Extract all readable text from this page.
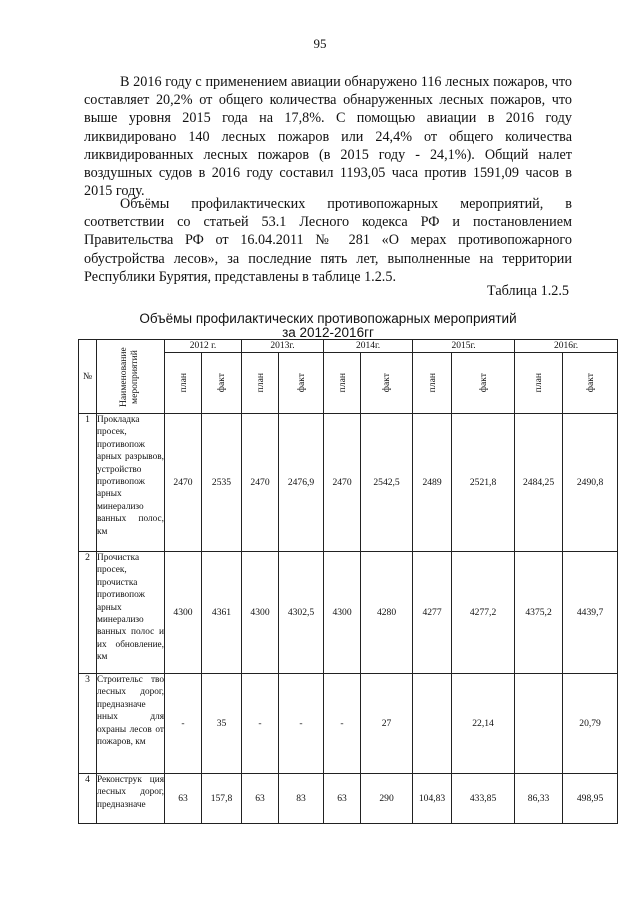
95

В 2016 году с применением авиации обнаружено 116 лесных пожаров, что составляет 20,2% от общего количества обнаруженных лесных пожаров, что выше уровня 2015 года на 17,8%. С помощью авиации в 2016 году ликвидировано 140 лесных пожаров или 24,4% от общего количества ликвидированных лесных пожаров (в 2015 году - 24,1%). Общий налет воздушных судов в 2016 году составил 1193,05 часа против 1591,09 часов в 2015 году.

Объёмы профилактических противопожарных мероприятий, в соответствии со статьей 53.1 Лесного кодекса РФ и постановлением Правительства РФ от 16.04.2011 № 281 «О мерах противопожарного обустройства лесов», за последние пять лет, выполненные на территории Республики Бурятия, представлены в таблице 1.2.5.

Таблица 1.2.5
Объёмы профилактических противопожарных мероприятий
за 2012-2016гг
№	Наименование мероприятий	2012 г.		2013г.		2014г.		2015г.		2016г.	

		план	факт	план	факт	план	факт	план	факт	план	факт

1	Прокладка просек, противопож арных разрывов, устройство противопож арных минерализо ванных полос, км	2470	2535	2470	2476,9	2470	2542,5	2489	2521,8	2484,25	2490,8
2	Прочистка просек, прочистка противопож арных минерализо ванных полос и их обновление, км	4300	4361	4300	4302,5	4300	4280	4277	4277,2	4375,2	4439,7
3	Строительс тво лесных дорог, предназначе нных для охраны лесов от пожаров, км	-	35	-	-	-	27		22,14		20,79
4	Реконструк ция лесных дорог, предназначе	63	157,8	63	83	63	290	104,83	433,85	86,33	498,95
